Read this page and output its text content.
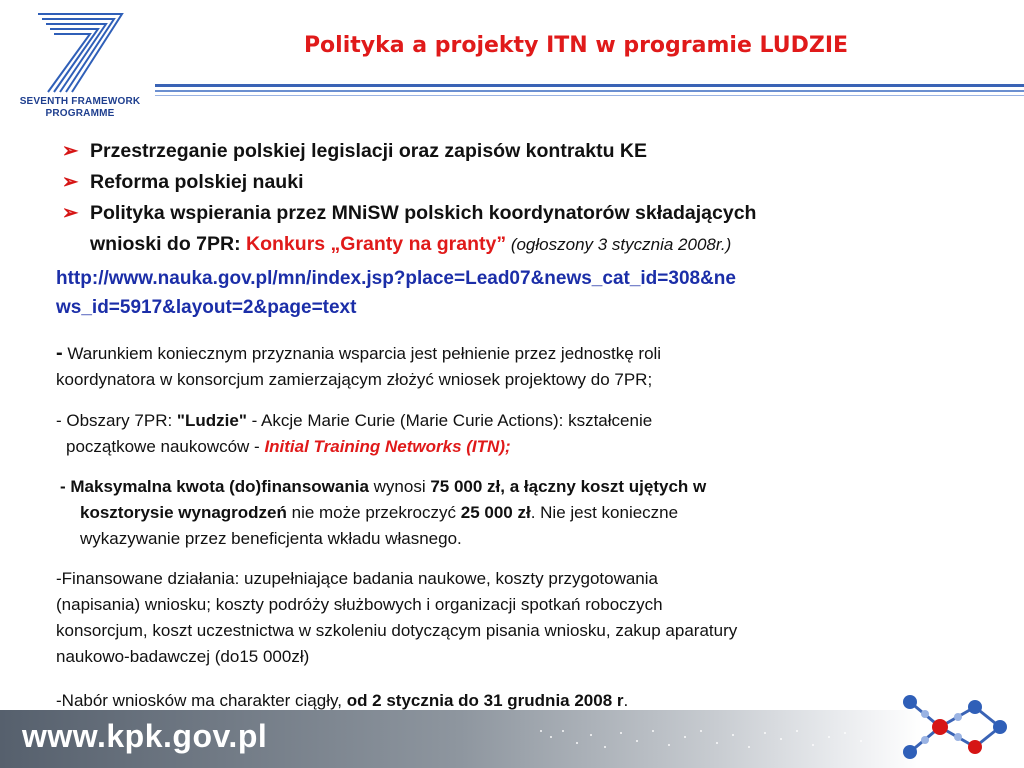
SEVENTH FRAMEWORK
PROGRAMME
Polityka a projekty ITN w programie LUDZIE
➢ Przestrzeganie polskiej legislacji oraz zapisów kontraktu KE
➢ Reforma polskiej nauki
➢ Polityka wspierania przez MNiSW polskich koordynatorów składających
wnioski do 7PR: Konkurs „Granty na granty” (ogłoszony 3 stycznia 2008r.)
http://www.nauka.gov.pl/mn/index.jsp?place=Lead07&news_cat_id=308&ne
ws_id=5917&layout=2&page=text
- Warunkiem koniecznym przyznania wsparcia jest pełnienie przez jednostkę roli
koordynatora w konsorcjum zamierzającym złożyć wniosek projektowy do 7PR;
- Obszary 7PR: "Ludzie" - Akcje Marie Curie (Marie Curie Actions): kształcenie
początkowe naukowców - Initial Training Networks (ITN);
- Maksymalna kwota (do)finansowania wynosi 75 000 zł, a łączny koszt ujętych w
kosztorysie wynagrodzeń nie może przekroczyć 25 000 zł. Nie jest konieczne
wykazywanie przez beneficjenta wkładu własnego.
-Finansowane działania: uzupełniające badania naukowe, koszty przygotowania
(napisania) wniosku; koszty podróży służbowych i organizacji spotkań roboczych
konsorcjum, koszt uczestnictwa w szkoleniu dotyczącym pisania wniosku, zakup aparatury
naukowo-badawczej (do15 000zł)
-Nabór wniosków ma charakter ciągły, od 2 stycznia do 31 grudnia 2008 r.
www.kpk.gov.pl
